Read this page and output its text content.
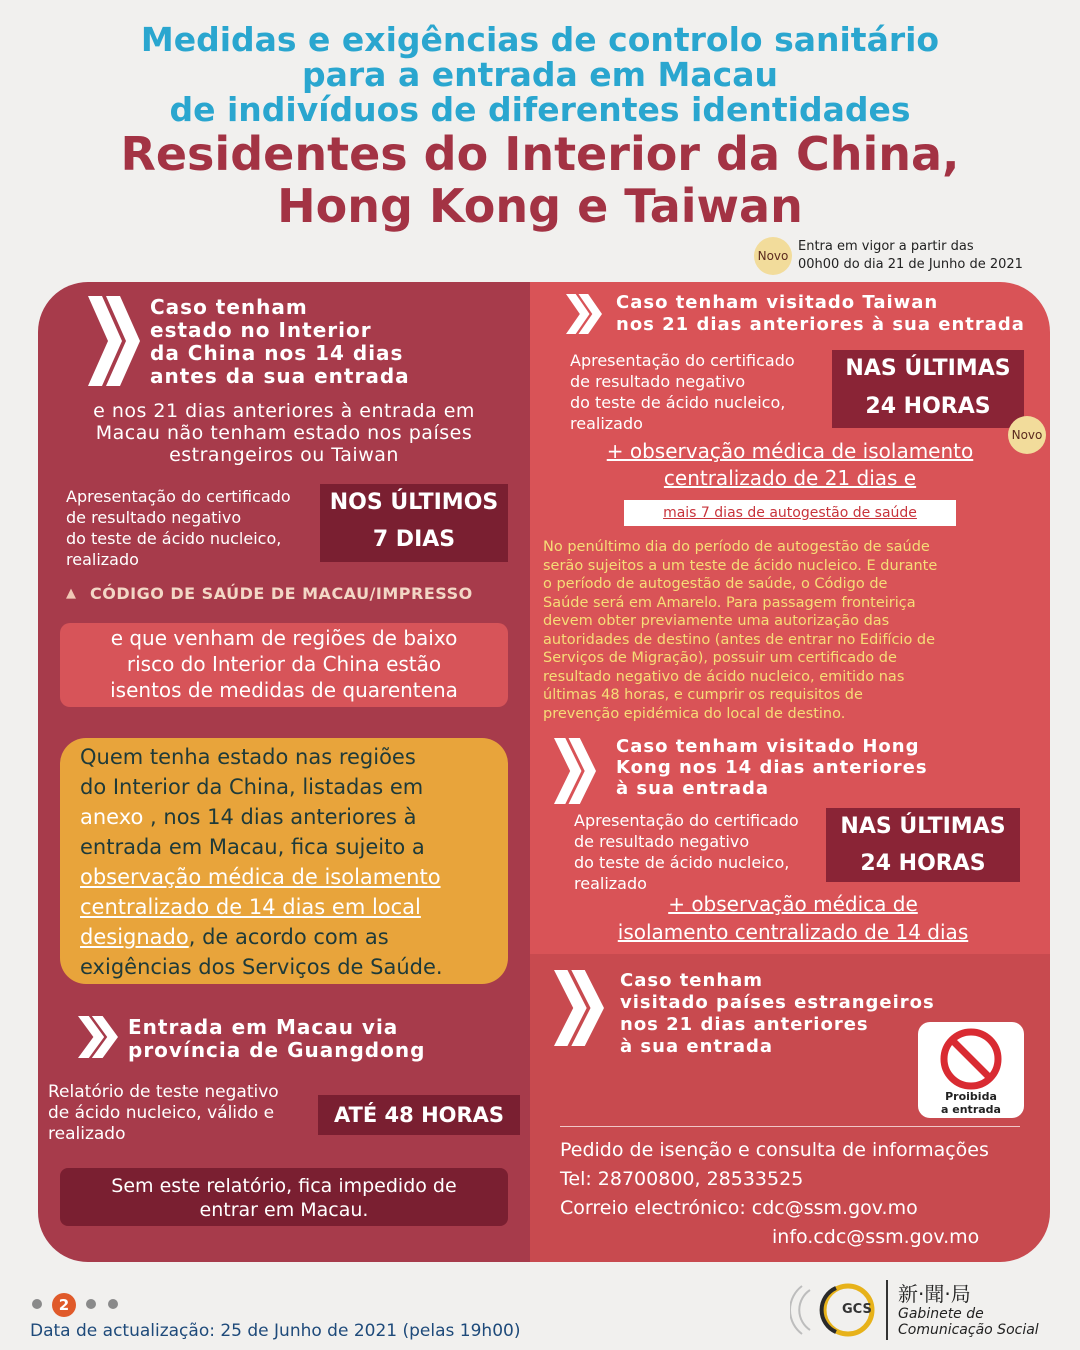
Medidas e exigências de controlo sanitário
para a entrada em Macau
de indivíduos de diferentes identidades
Residentes do Interior da China,
Hong Kong e Taiwan
Novo
Entra em vigor a partir das
00h00 do dia 21 de Junho de 2021
Caso tenham
estado no Interior
da China nos 14 dias
antes da sua entrada
e nos 21 dias anteriores à entrada em
Macau não tenham estado nos países
estrangeiros ou Taiwan
Apresentação do certificado
de resultado negativo
do teste de ácido nucleico,
realizado
NOS ÚLTIMOS
7 DIAS
▲ CÓDIGO DE SAÚDE DE MACAU/IMPRESSO
e que venham de regiões de baixo
risco do Interior da China estão
isentos de medidas de quarentena
Quem tenha estado nas regiões
do Interior da China, listadas em
anexo , nos 14 dias anteriores à
entrada em Macau, fica sujeito a
observação médica de isolamento
centralizado de 14 dias em local
designado, de acordo com as
exigências dos Serviços de Saúde.
Entrada em Macau via
província de Guangdong
Relatório de teste negativo
de ácido nucleico, válido e
realizado
ATÉ 48 HORAS
Sem este relatório, fica impedido de
entrar em Macau.
Caso tenham visitado Taiwan
nos 21 dias anteriores à sua entrada
Apresentação do certificado
de resultado negativo
do teste de ácido nucleico,
realizado
NAS ÚLTIMAS
24 HORAS
Novo
+ observação médica de isolamento
centralizado de 21 dias e
mais 7 dias de autogestão de saúde
No penúltimo dia do período de autogestão de saúde
serão sujeitos a um teste de ácido nucleico. E durante
o período de autogestão de saúde, o Código de
Saúde será em Amarelo. Para passagem fronteiriça
devem obter previamente uma autorização das
autoridades de destino (antes de entrar no Edifício de
Serviços de Migração), possuir um certificado de
resultado negativo de ácido nucleico, emitido nas
últimas 48 horas, e cumprir os requisitos de
prevenção epidémica do local de destino.
Caso tenham visitado Hong
Kong nos 14 dias anteriores
à sua entrada
Apresentação do certificado
de resultado negativo
do teste de ácido nucleico,
realizado
NAS ÚLTIMAS
24 HORAS
+ observação médica de
isolamento centralizado de 14 dias
Caso tenham
visitado países estrangeiros
nos 21 dias anteriores
à sua entrada
Proibida
a entrada
Pedido de isenção e consulta de informações
Tel: 28700800, 28533525
Correio electrónico: cdc@ssm.gov.mo
info.cdc@ssm.gov.mo
2
Data de actualização: 25 de Junho de 2021 (pelas 19h00)
GCS
新·聞·局
Gabinete de
Comunicação Social
